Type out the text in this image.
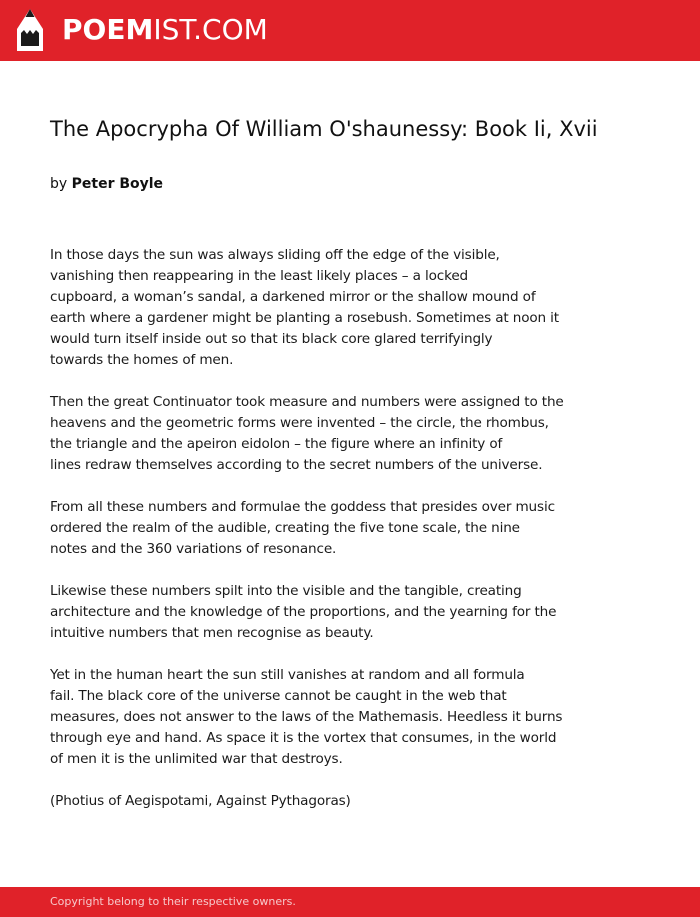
POEMIST.COM
The Apocrypha Of William O'shaunessy: Book Ii, Xvii
by Peter Boyle

In those days the sun was always sliding off the edge of the visible,
vanishing then reappearing in the least likely places – a locked
cupboard, a woman’s sandal, a darkened mirror or the shallow mound of
earth where a gardener might be planting a rosebush. Sometimes at noon it
would turn itself inside out so that its black core glared terrifyingly
towards the homes of men.

Then the great Continuator took measure and numbers were assigned to the
heavens and the geometric forms were invented – the circle, the rhombus,
the triangle and the apeiron eidolon – the figure where an infinity of
lines redraw themselves according to the secret numbers of the universe.

From all these numbers and formulae the goddess that presides over music
ordered the realm of the audible, creating the five tone scale, the nine
notes and the 360 variations of resonance.

Likewise these numbers spilt into the visible and the tangible, creating
architecture and the knowledge of the proportions, and the yearning for the
intuitive numbers that men recognise as beauty.

Yet in the human heart the sun still vanishes at random and all formula
fail. The black core of the universe cannot be caught in the web that
measures, does not answer to the laws of the Mathemasis. Heedless it burns
through eye and hand. As space it is the vortex that consumes, in the world
of men it is the unlimited war that destroys.

(Photius of Aegispotami, Against Pythagoras)

Copyright belong to their respective owners.
